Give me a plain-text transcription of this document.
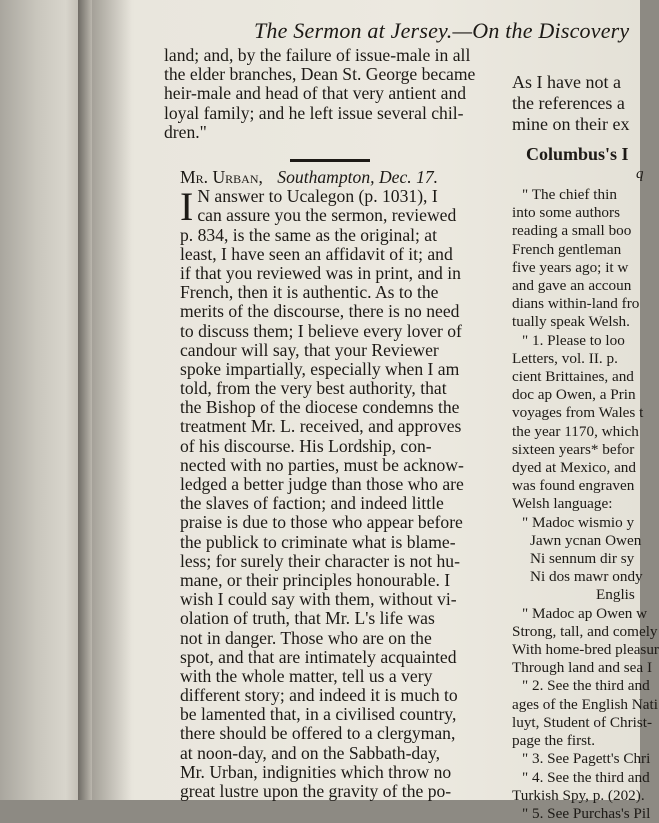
The Sermon at Jersey.—On the Discovery
land; and, by the failure of issue-male in all
the elder branches, Dean St. George became
heir-male and head of that very antient and
loyal family; and he left issue several chil-
dren."
Mr. Urban, Southampton, Dec. 17.
I N answer to Ucalegon (p. 1031), I
can assure you the sermon, reviewed
p. 834, is the same as the original; at
least, I have seen an affidavit of it; and
if that you reviewed was in print, and in
French, then it is authentic. As to the
merits of the discourse, there is no need
to discuss them; I believe every lover of
candour will say, that your Reviewer
spoke impartially, especially when I am
told, from the very best authority, that
the Bishop of the diocese condemns the
treatment Mr. L. received, and approves
of his discourse. His Lordship, con-
nected with no parties, must be acknow-
ledged a better judge than those who are
the slaves of faction; and indeed little
praise is due to those who appear before
the publick to criminate what is blame-
less; for surely their character is not hu-
mane, or their principles honourable. I
wish I could say with them, without vi-
olation of truth, that Mr. L's life was
not in danger. Those who are on the
spot, and that are intimately acquainted
with the whole matter, tell us a very
different story; and indeed it is much to
be lamented that, in a civilised country,
there should be offered to a clergyman,
at noon-day, and on the Sabbath-day,
Mr. Urban, indignities which throw no
great lustre upon the gravity of the po-
As I have not a
the references a
mine on their ex
Columbus's I
q
" The chief thin
into some authors
reading a small boo
French gentleman
five years ago; it w
and gave an accoun
dians within-land fro
tually speak Welsh.
" 1. Please to loo
Letters, vol. II. p.
cient Brittaines, and
doc ap Owen, a Prin
voyages from Wales t
the year 1170, which
sixteen years* befor
dyed at Mexico, and
was found engraven
Welsh language:
" Madoc wismio y
Jawn ycnan Owen
Ni sennum dir sy
Ni dos mawr ondy
Englis
" Madoc ap Owen w
Strong, tall, and comely
With home-bred pleasur
Through land and sea I
" 2. See the third and
ages of the English Nati
luyt, Student of Christ-
page the first.
" 3. See Pagett's Chri
" 4. See the third and
Turkish Spy, p. (202).
" 5. See Purchas's Pil
